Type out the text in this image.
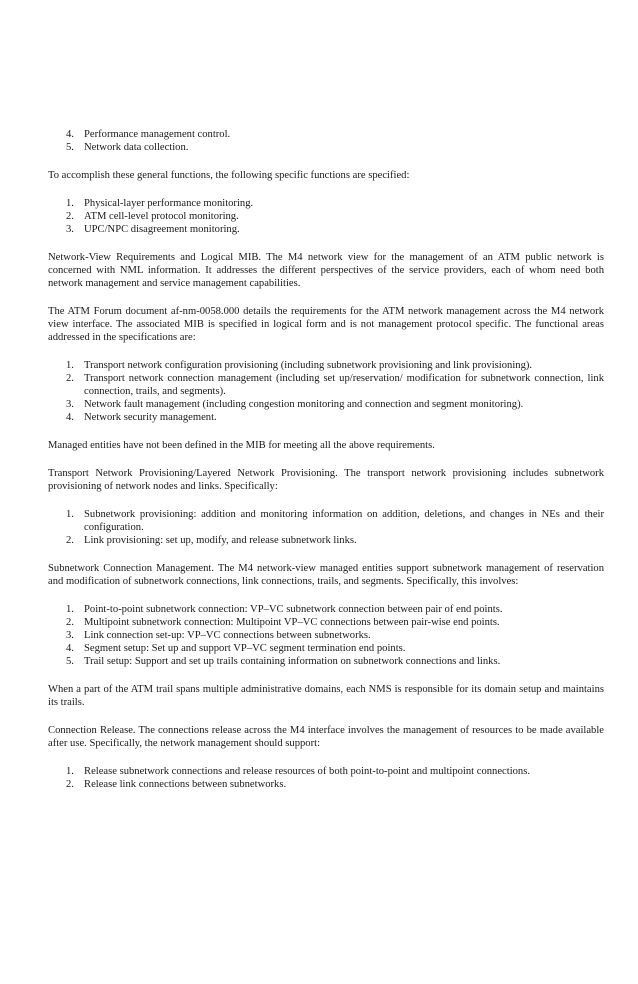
4. Performance management control.
5. Network data collection.

To accomplish these general functions, the following specific functions are specified:

1. Physical-layer performance monitoring.
2. ATM cell-level protocol monitoring.
3. UPC/NPC disagreement monitoring.

Network-View Requirements and Logical MIB. The M4 network view for the management of an ATM public network is concerned with NML information. It addresses the different perspectives of the service providers, each of whom need both network management and service management capabilities.

The ATM Forum document af-nm-0058.000 details the requirements for the ATM network management across the M4 network view interface. The associated MIB is specified in logical form and is not management protocol specific. The functional areas addressed in the specifications are:

1. Transport network configuration provisioning (including subnetwork provisioning and link provisioning).
2. Transport network connection management (including set up/reservation/ modification for subnetwork connection, link connection, trails, and segments).
3. Network fault management (including congestion monitoring and connection and segment monitoring).
4. Network security management.

Managed entities have not been defined in the MIB for meeting all the above requirements.

Transport Network Provisioning/Layered Network Provisioning. The transport network provisioning includes subnetwork provisioning of network nodes and links. Specifically:

1. Subnetwork provisioning: addition and monitoring information on addition, deletions, and changes in NEs and their configuration.
2. Link provisioning: set up, modify, and release subnetwork links.

Subnetwork Connection Management. The M4 network-view managed entities support subnetwork management of reservation and modification of subnetwork connections, link connections, trails, and segments. Specifically, this involves:

1. Point-to-point subnetwork connection: VP–VC subnetwork connection between pair of end points.
2. Multipoint subnetwork connection: Multipoint VP–VC connections between pair-wise end points.
3. Link connection set-up: VP–VC connections between subnetworks.
4. Segment setup: Set up and support VP–VC segment termination end points.
5. Trail setup: Support and set up trails containing information on subnetwork connections and links.

When a part of the ATM trail spans multiple administrative domains, each NMS is responsible for its domain setup and maintains its trails.

Connection Release. The connections release across the M4 interface involves the management of resources to be made available after use. Specifically, the network management should support:

1. Release subnetwork connections and release resources of both point-to-point and multipoint connections.
2. Release link connections between subnetworks.
